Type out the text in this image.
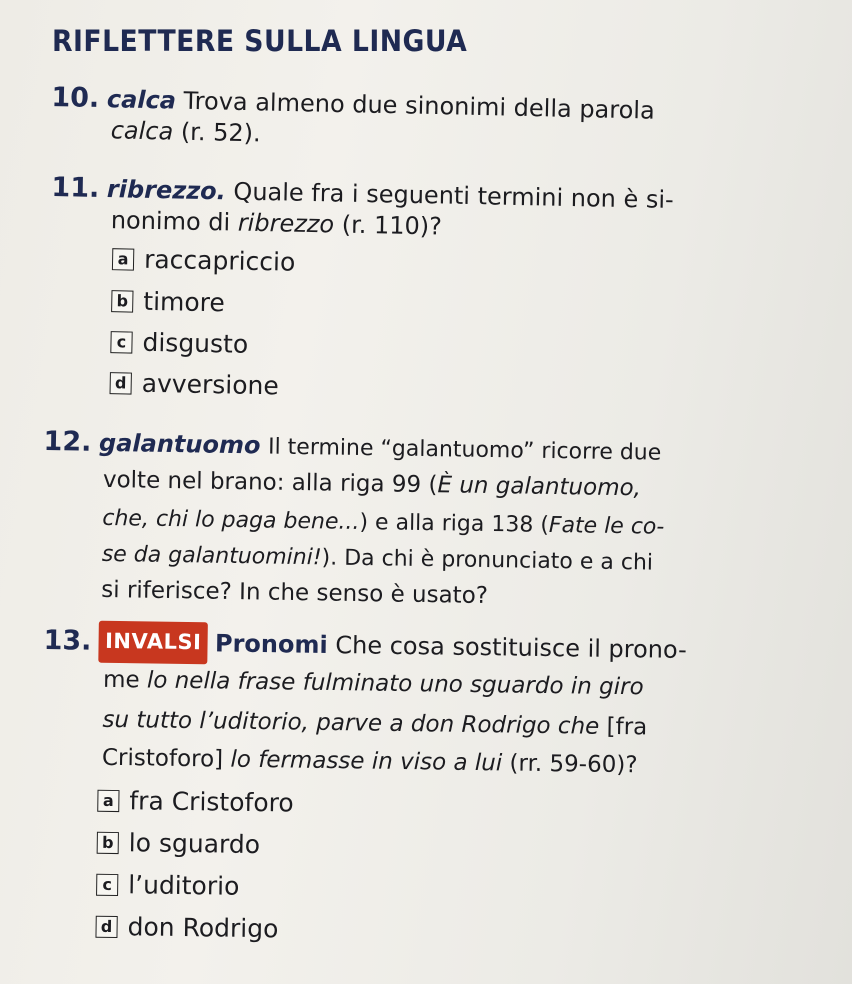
RIFLETTERE SULLA LINGUA
10. calca Trova almeno due sinonimi della parola
calca (r. 52).
11. ribrezzo. Quale fra i seguenti termini non è si-
nonimo di ribrezzo (r. 110)?
a raccapriccio
b timore
c disgusto
d avversione
12. galantuomo Il termine “galantuomo” ricorre due
volte nel brano: alla riga 99 (È un galantuomo,
che, chi lo paga bene...) e alla riga 138 (Fate le co-
se da galantuomini!). Da chi è pronunciato e a chi
si riferisce? In che senso è usato?
13. INVALSI Pronomi Che cosa sostituisce il prono-
me lo nella frase fulminato uno sguardo in giro
su tutto l’uditorio, parve a don Rodrigo che [fra
Cristoforo] lo fermasse in viso a lui (rr. 59-60)?
a fra Cristoforo
b lo sguardo
c l’uditorio
d don Rodrigo
